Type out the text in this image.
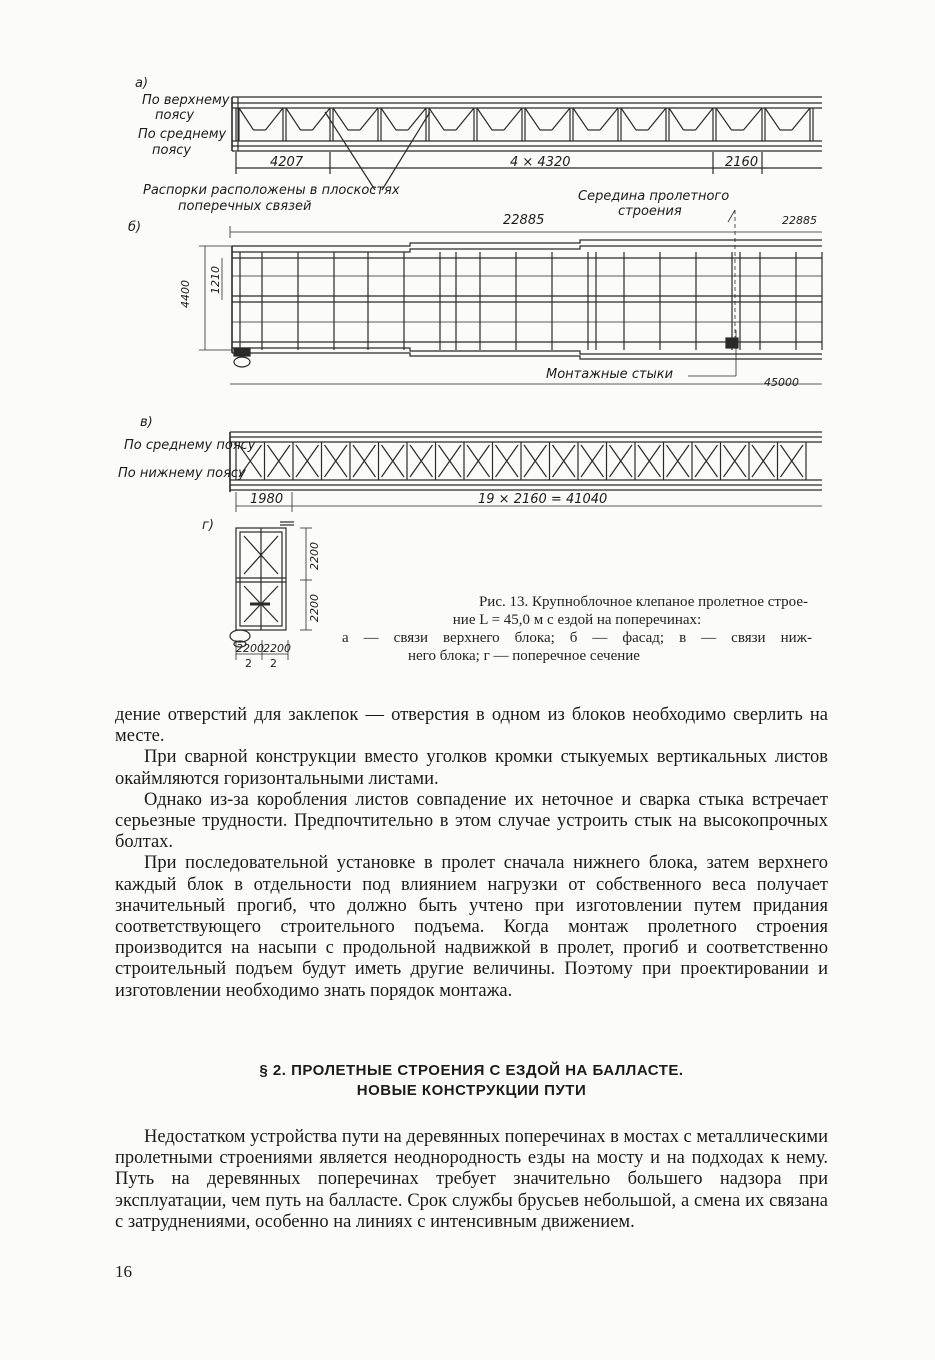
а)
По верхнему
поясу
По среднему
поясу
4207	4 × 4320	2160
Распорки расположены в плоскостях
поперечных связей
б)
Середина пролетного
строения
22885	22885
4400 1210
Монтажные стыки
45000
в)
По среднему поясу
По нижнему поясу
1980	19 × 2160 = 41040
г)
2200
2200
2200 2200
2 2
Рис. 13. Крупноблочное клепаное пролетное строе-
ние L = 45,0 м с ездой на поперечинах:
а — связи верхнего блока; б — фасад; в — связи ниж-
него блока; г — поперечное сечение

дение отверстий для заклепок — отверстия в одном из блоков необходимо сверлить на месте.

При сварной конструкции вместо уголков кромки стыкуемых вертикальных листов окаймляются горизонтальными листами.

Однако из-за коробления листов совпадение их неточное и сварка стыка встречает серьезные трудности. Предпочтительно в этом случае устроить стык на высокопрочных болтах.

При последовательной установке в пролет сначала нижнего блока, затем верхнего каждый блок в отдельности под влиянием нагрузки от собственного веса получает значительный прогиб, что должно быть учтено при изготовлении путем придания соответствующего строительного подъема. Когда монтаж пролетного строения производится на насыпи с продольной надвижкой в пролет, прогиб и соответственно строительный подъем будут иметь другие величины. Поэтому при проектировании и изготовлении необходимо знать порядок монтажа.

§ 2. ПРОЛЕТНЫЕ СТРОЕНИЯ С ЕЗДОЙ НА БАЛЛАСТЕ.
НОВЫЕ КОНСТРУКЦИИ ПУТИ

Недостатком устройства пути на деревянных поперечинах в мостах с металлическими пролетными строениями является неоднородность езды на мосту и на подходах к нему. Путь на деревянных поперечинах требует значительно большего надзора при эксплуатации, чем путь на балласте. Срок службы брусьев небольшой, а смена их связана с затруднениями, особенно на линиях с интенсивным движением.

16
